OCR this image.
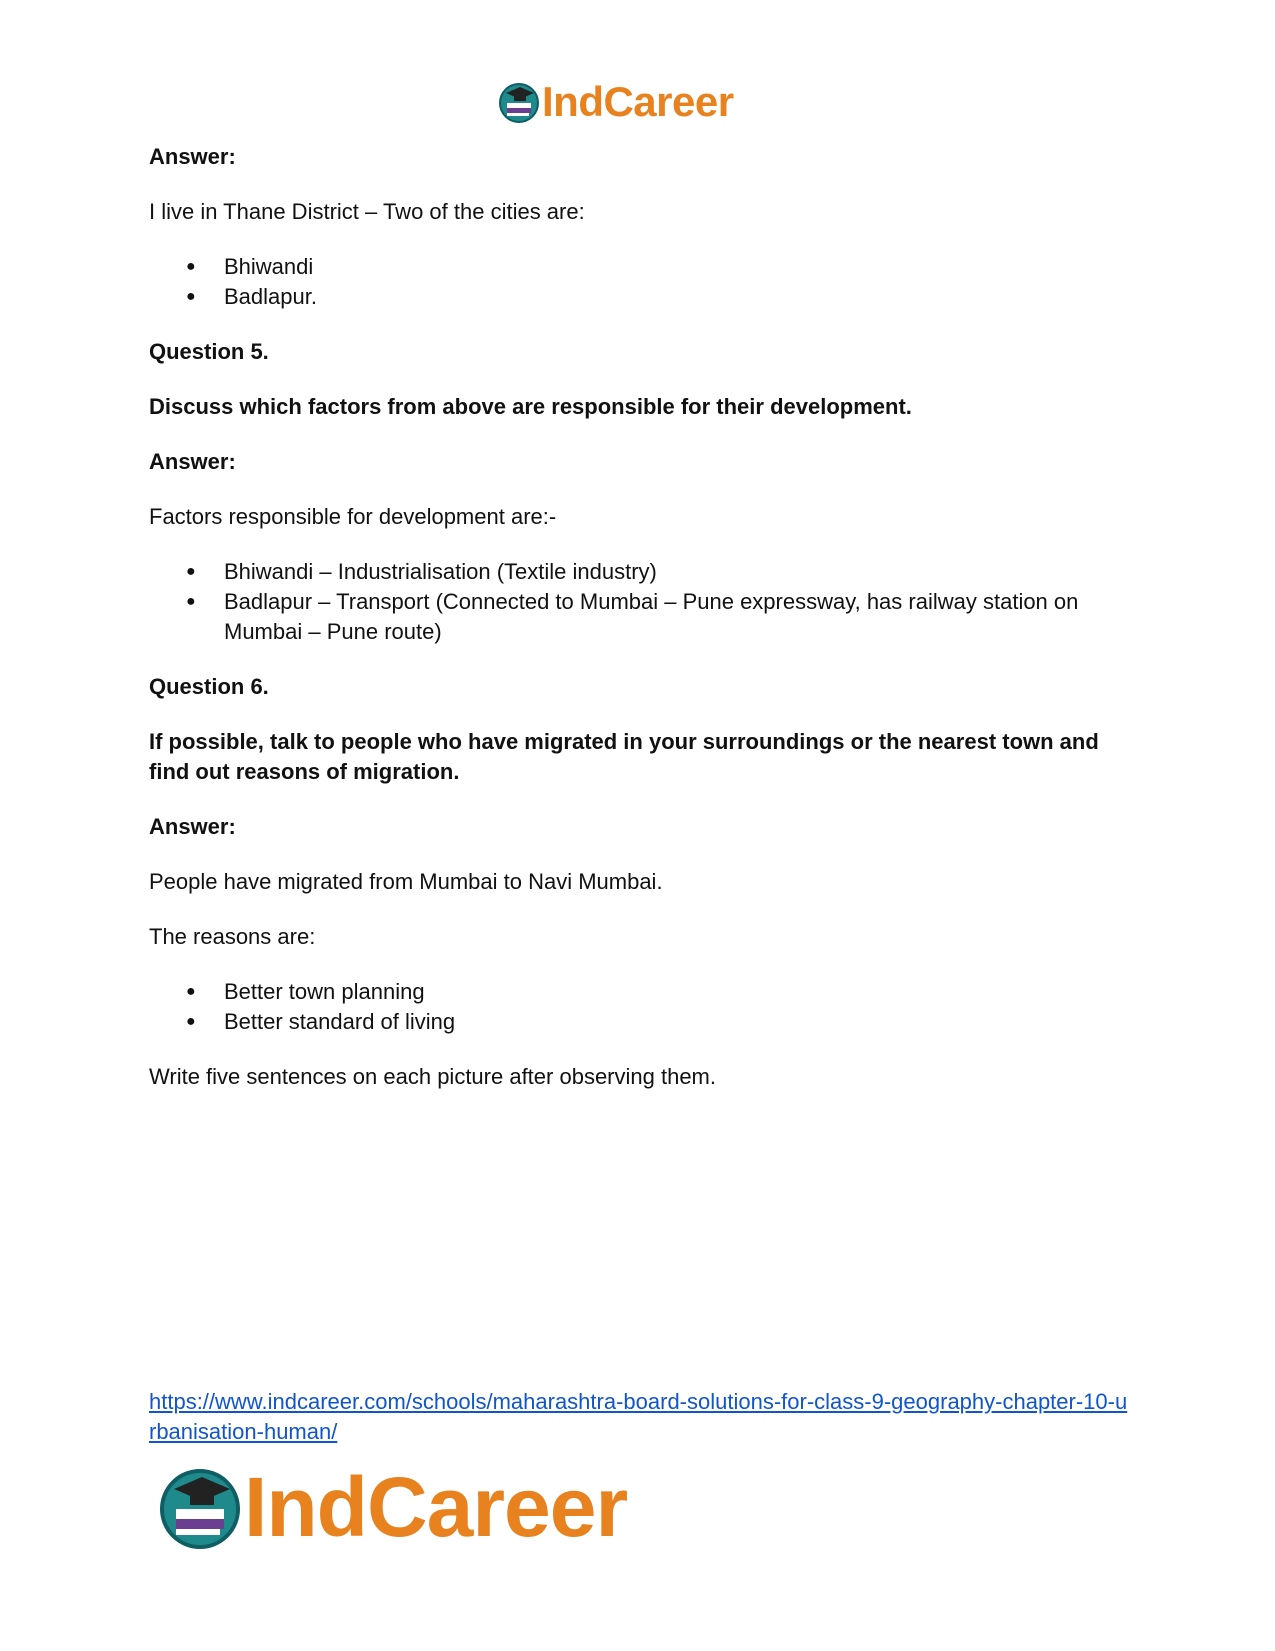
IndCareer

Answer:

I live in Thane District – Two of the cities are:

● Bhiwandi
● Badlapur.

Question 5.

Discuss which factors from above are responsible for their development.

Answer:

Factors responsible for development are:-

● Bhiwandi – Industrialisation (Textile industry)
● Badlapur – Transport (Connected to Mumbai – Pune expressway, has railway station on Mumbai – Pune route)

Question 6.

If possible, talk to people who have migrated in your surroundings or the nearest town and find out reasons of migration.

Answer:

People have migrated from Mumbai to Navi Mumbai.

The reasons are:

● Better town planning
● Better standard of living

Write five sentences on each picture after observing them.

https://www.indcareer.com/schools/maharashtra-board-solutions-for-class-9-geography-chapter-10-urbanisation-human/
IndCareer
